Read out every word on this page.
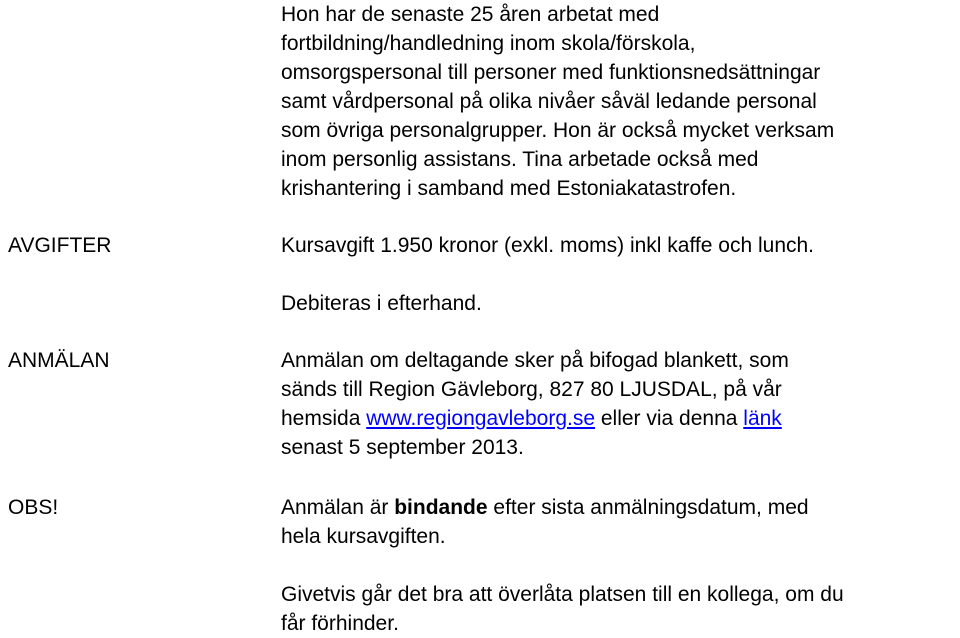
Hon har de senaste 25 åren arbetat med
fortbildning/handledning inom skola/förskola,
omsorgspersonal till personer med funktionsnedsättningar
samt vårdpersonal på olika nivåer såväl ledande personal
som övriga personalgrupper. Hon är också mycket verksam
inom personlig assistans. Tina arbetade också med
krishantering i samband med Estoniakatastrofen.
AVGIFTER	Kursavgift 1.950 kronor (exkl. moms) inkl kaffe och lunch.
Debiteras i efterhand.
ANMÄLAN	Anmälan om deltagande sker på bifogad blankett, som
sänds till Region Gävleborg, 827 80 LJUSDAL, på vår
hemsida www.regiongavleborg.se eller via denna länk
senast 5 september 2013.
OBS!	Anmälan är bindande efter sista anmälningsdatum, med
hela kursavgiften.
Givetvis går det bra att överlåta platsen till en kollega, om du
får förhinder.
